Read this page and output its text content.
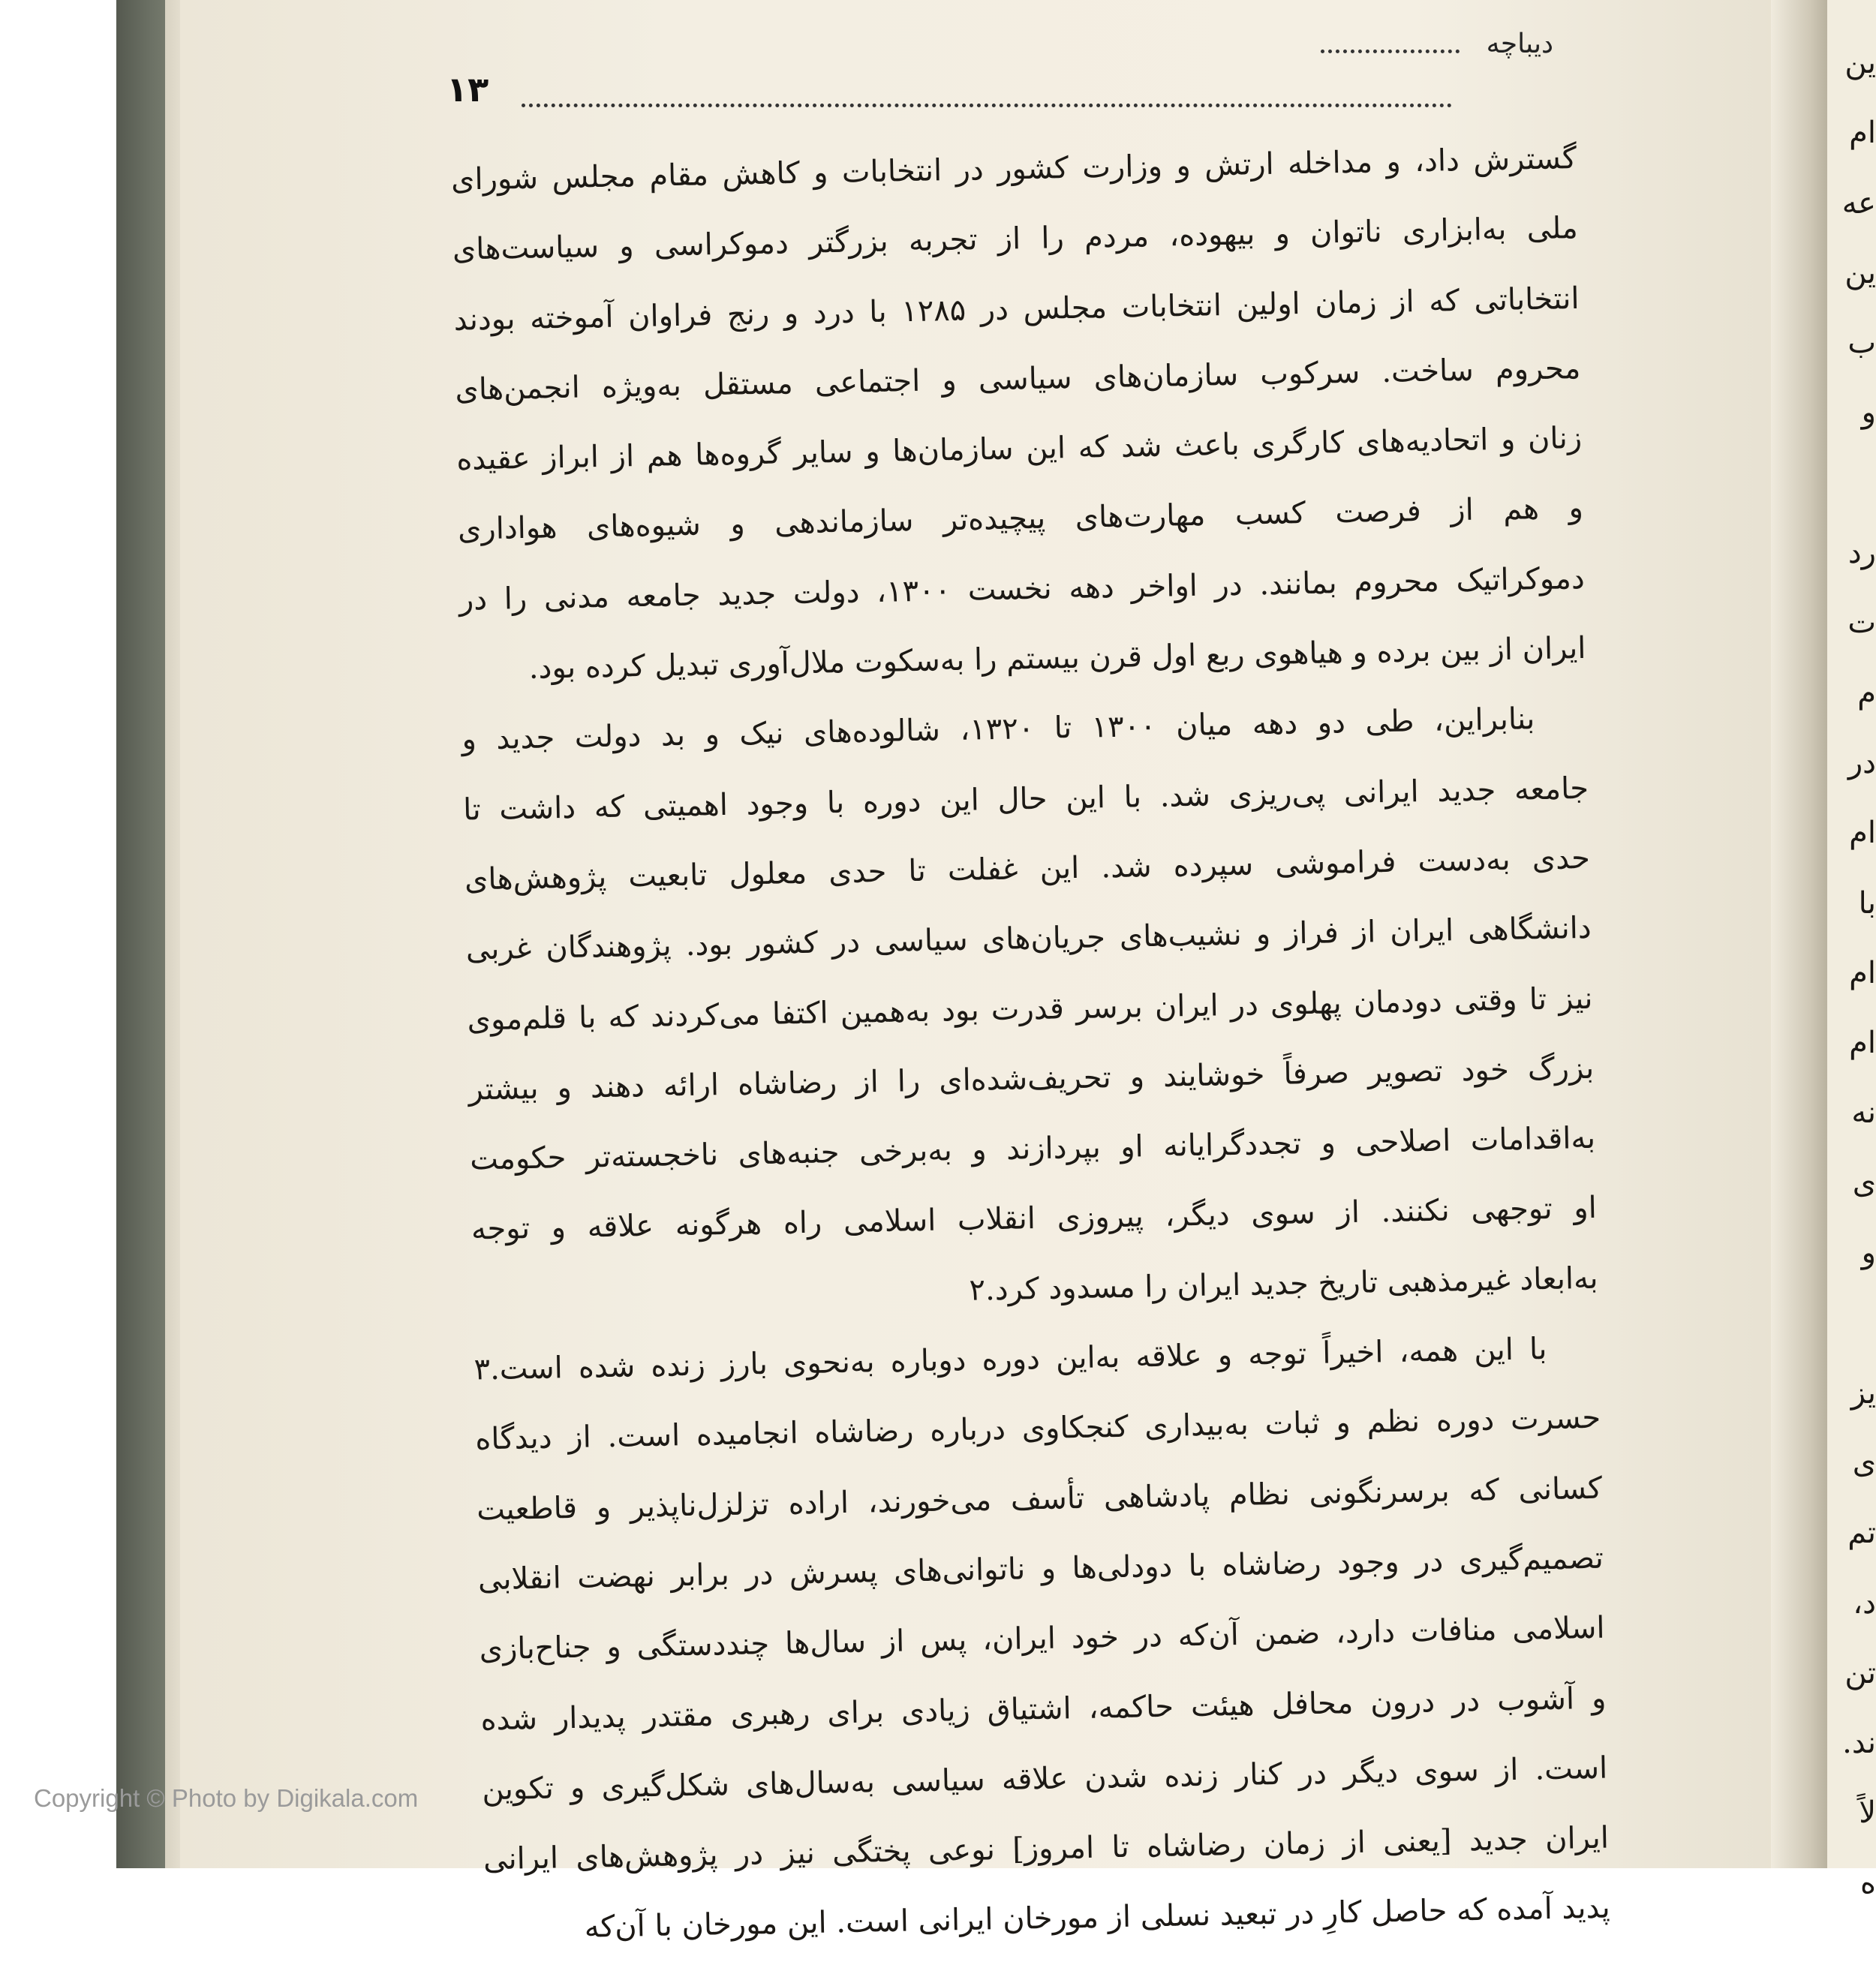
ین
ام
عه
ین
ب
و
رد
ت
م
در
ام
با
ام
ام
نه
ی
و
یز
ی
تم
د،
تن
ند.
لاً
ه
دیباچه
۱۳
گسترش داد، و مداخله ارتش و وزارت کشور در انتخابات و کاهش مقام مجلس شورای
ملی به‌ابزاری ناتوان و بیهوده، مردم را از تجربه بزرگتر دموکراسی و سیاست‌های
انتخاباتی که از زمان اولین انتخابات مجلس در ۱۲۸۵ با درد و رنج فراوان آموخته بودند
محروم ساخت. سرکوب سازمان‌های سیاسی و اجتماعی مستقل به‌ویژه انجمن‌های
زنان و اتحادیه‌های کارگری باعث شد که این سازمان‌ها و سایر گروه‌ها هم از ابراز عقیده
و هم از فرصت کسب مهارت‌های پیچیده‌تر سازماندهی و شیوه‌های هواداری
دموکراتیک محروم بمانند. در اواخر دهه نخست ۱۳۰۰، دولت جدید جامعه مدنی را در
ایران از بین برده و هیاهوی ربع اول قرن بیستم را به‌سکوت ملال‌آوری تبدیل کرده بود.
بنابراین، طی دو دهه میان ۱۳۰۰ تا ۱۳۲۰، شالوده‌های نیک و بد دولت جدید و
جامعه جدید ایرانی پی‌ریزی شد. با این حال این دوره با وجود اهمیتی که داشت تا
حدی به‌دست فراموشی سپرده شد. این غفلت تا حدی معلول تابعیت پژوهش‌های
دانشگاهی ایران از فراز و نشیب‌های جریان‌های سیاسی در کشور بود. پژوهندگان غربی
نیز تا وقتی دودمان پهلوی در ایران برسر قدرت بود به‌همین اکتفا می‌کردند که با قلم‌موی
بزرگ خود تصویر صرفاً خوشایند و تحریف‌شده‌ای را از رضاشاه ارائه دهند و بیشتر
به‌اقدامات اصلاحی و تجددگرایانه او بپردازند و به‌برخی جنبه‌های ناخجسته‌تر حکومت
او توجهی نکنند. از سوی دیگر، پیروزی انقلاب اسلامی راه هرگونه علاقه و توجه
به‌ابعاد غیرمذهبی تاریخ جدید ایران را مسدود کرد.۲
با این همه، اخیراً توجه و علاقه به‌این دوره دوباره به‌نحوی بارز زنده شده است.۳
حسرت دوره نظم و ثبات به‌بیداری کنجکاوی درباره رضاشاه انجامیده است. از دیدگاه
کسانی که برسرنگونی نظام پادشاهی تأسف می‌خورند، اراده تزلزل‌ناپذیر و قاطعیت
تصمیم‌گیری در وجود رضاشاه با دودلی‌ها و ناتوانی‌های پسرش در برابر نهضت انقلابی
اسلامی منافات دارد، ضمن آن‌که در خود ایران، پس از سال‌ها چنددستگی و جناح‌بازی
و آشوب در درون محافل هیئت حاکمه، اشتیاق زیادی برای رهبری مقتدر پدیدار شده
است. از سوی دیگر در کنار زنده شدن علاقه سیاسی به‌سال‌های شکل‌گیری و تکوین
ایران جدید [یعنی از زمان رضاشاه تا امروز] نوعی پختگی نیز در پژوهش‌های ایرانی
پدید آمده که حاصل کارِ در تبعید نسلی از مورخان ایرانی است. این مورخان با آن‌که
Copyright © Photo by Digikala.com
